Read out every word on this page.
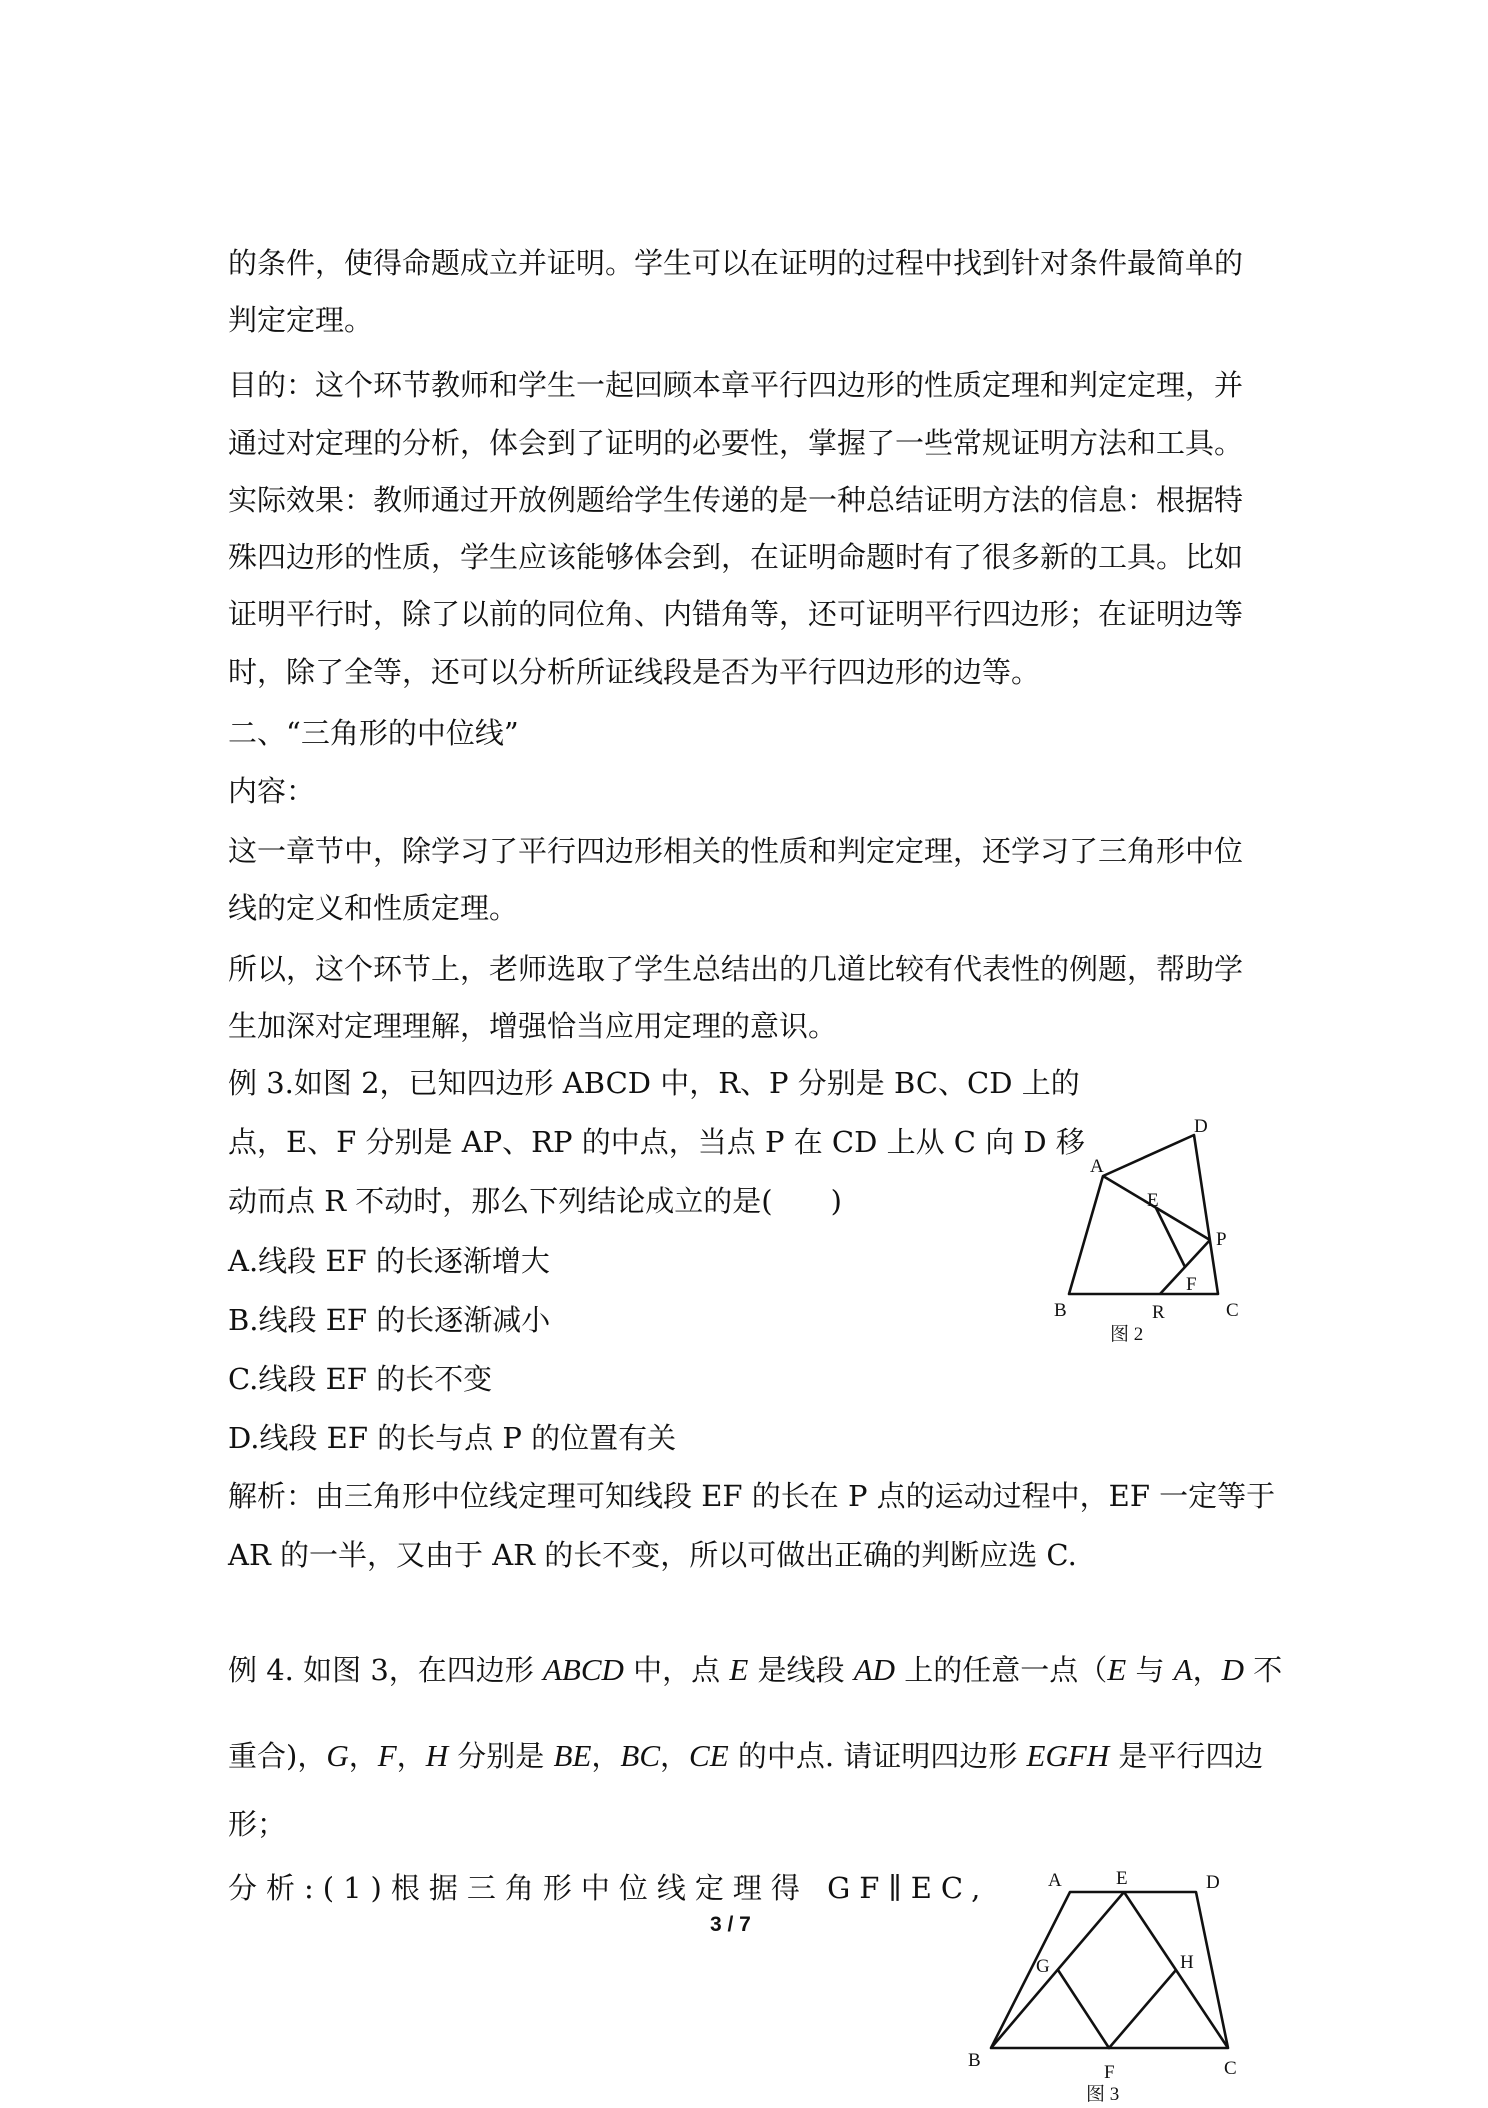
的条件，使得命题成立并证明。学生可以在证明的过程中找到针对条件最简单的
判定定理。
目的：这个环节教师和学生一起回顾本章平行四边形的性质定理和判定定理，并
通过对定理的分析，体会到了证明的必要性，掌握了一些常规证明方法和工具。
实际效果：教师通过开放例题给学生传递的是一种总结证明方法的信息：根据特
殊四边形的性质，学生应该能够体会到，在证明命题时有了很多新的工具。比如
证明平行时，除了以前的同位角、内错角等，还可证明平行四边形；在证明边等
时，除了全等，还可以分析所证线段是否为平行四边形的边等。
二、“三角形的中位线”
内容：
这一章节中，除学习了平行四边形相关的性质和判定定理，还学习了三角形中位
线的定义和性质定理。
所以，这个环节上，老师选取了学生总结出的几道比较有代表性的例题，帮助学
生加深对定理理解，增强恰当应用定理的意识。
例 3.如图 2，已知四边形 ABCD 中，R、P 分别是 BC、CD 上的
点，E、F 分别是 AP、RP 的中点，当点 P 在 CD 上从 C 向 D 移
动而点 R 不动时，那么下列结论成立的是(　　)
A.线段 EF 的长逐渐增大
B.线段 EF 的长逐渐减小
C.线段 EF 的长不变
D.线段 EF 的长与点 P 的位置有关
解析：由三角形中位线定理可知线段 EF 的长在 P 点的运动过程中，EF 一定等于
AR 的一半，又由于 AR 的长不变，所以可做出正确的判断应选 C.
例 4. 如图 3，在四边形 ABCD 中，点 E 是线段 AD 上的任意一点（E 与 A，D 不
重合)，G，F，H 分别是 BE，BC，CE 的中点. 请证明四边形 EGFH 是平行四边
形；
分析:(1)根据三角形中位线定理得 GF∥EC,
A
B	C
D
E
F
P
R
图 2
A	E	D
G	H
B
F	C
图 3
3 / 7
